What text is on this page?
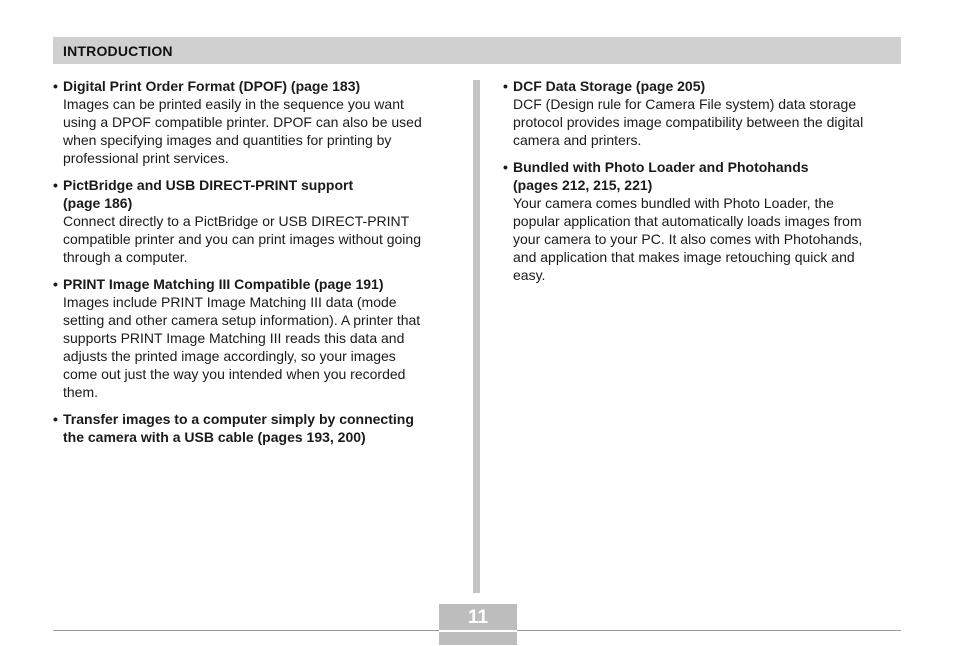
INTRODUCTION
• Digital Print Order Format (DPOF) (page 183)
Images can be printed easily in the sequence you want
using a DPOF compatible printer. DPOF can also be used
when specifying images and quantities for printing by
professional print services.
• PictBridge and USB DIRECT-PRINT support
(page 186)
Connect directly to a PictBridge or USB DIRECT-PRINT
compatible printer and you can print images without going
through a computer.
• PRINT Image Matching III Compatible (page 191)
Images include PRINT Image Matching III data (mode
setting and other camera setup information). A printer that
supports PRINT Image Matching III reads this data and
adjusts the printed image accordingly, so your images
come out just the way you intended when you recorded
them.
• Transfer images to a computer simply by connecting
the camera with a USB cable (pages 193, 200)
• DCF Data Storage (page 205)
DCF (Design rule for Camera File system) data storage
protocol provides image compatibility between the digital
camera and printers.
• Bundled with Photo Loader and Photohands
(pages 212, 215, 221)
Your camera comes bundled with Photo Loader, the
popular application that automatically loads images from
your camera to your PC. It also comes with Photohands,
and application that makes image retouching quick and
easy.
11
